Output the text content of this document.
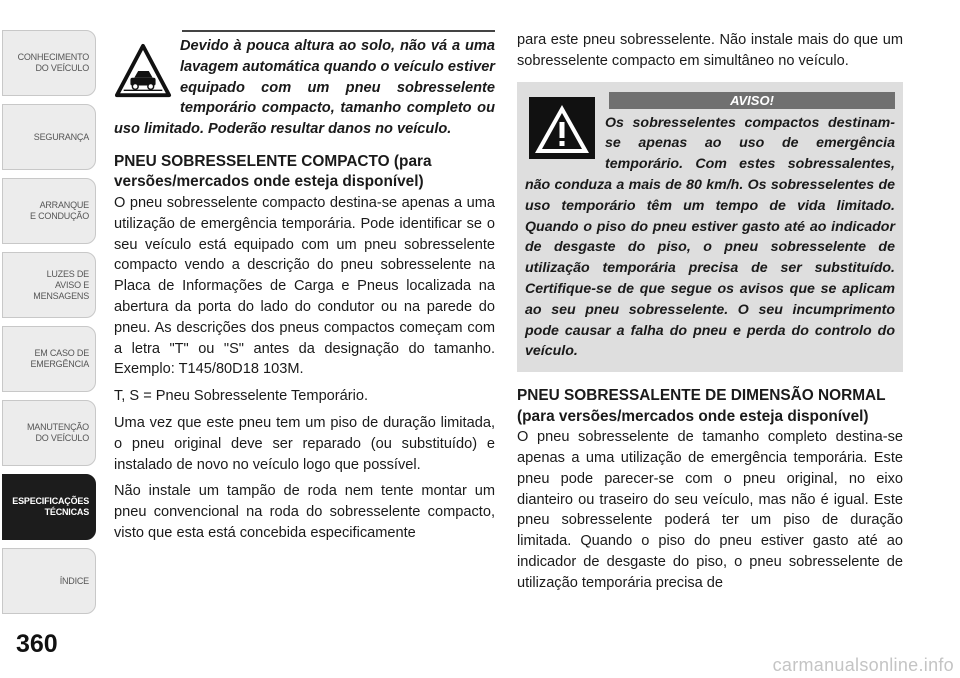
CONHECIMENTO
DO VEÍCULO
SEGURANÇA
ARRANQUE
E CONDUÇÃO
LUZES DE
AVISO E
MENSAGENS
EM CASO DE
EMERGÊNCIA
MANUTENÇÃO
DO VEÍCULO
ESPECIFICAÇÕES
TÉCNICAS
ÍNDICE
360
Devido à pouca altura ao solo, não vá a uma lavagem automática quando o veículo estiver equipado com um pneu sobresselente temporário compacto, tamanho completo ou uso limitado. Poderão resultar danos no veículo.
PNEU SOBRESSELENTE COMPACTO (para versões/mercados onde esteja disponível)

O pneu sobresselente compacto destina-se apenas a uma utilização de emergência temporária. Pode identificar se o seu veículo está equipado com um pneu sobresselente compacto vendo a descrição do pneu sobresselente na Placa de Informações de Carga e Pneus localizada na abertura da porta do lado do condutor ou na parede do pneu. As descrições dos pneus compactos começam com a letra "T" ou "S" antes da designação do tamanho. Exemplo: T145/80D18 103M.

T, S = Pneu Sobresselente Temporário.

Uma vez que este pneu tem um piso de duração limitada, o pneu original deve ser reparado (ou substituído) e instalado de novo no veículo logo que possível.

Não instale um tampão de roda nem tente montar um pneu convencional na roda do sobresselente compacto, visto que esta está concebida especificamente

para este pneu sobresselente. Não instale mais do que um sobresselente compacto em simultâneo no veículo.

AVISO!
Os sobresselentes compactos destinam-se apenas ao uso de emergência temporário. Com estes sobressalentes, não conduza a mais de 80 km/h. Os sobresselentes de uso temporário têm um tempo de vida limitado. Quando o piso do pneu estiver gasto até ao indicador de desgaste do piso, o pneu sobresselente de utilização temporária precisa de ser substituído. Certifique-se de que segue os avisos que se aplicam ao seu pneu sobresselente. O seu incumprimento pode causar a falha do pneu e perda do controlo do veículo.
PNEU SOBRESSALENTE DE DIMENSÃO NORMAL (para versões/mercados onde esteja disponível)

O pneu sobresselente de tamanho completo destina-se apenas a uma utilização de emergência temporária. Este pneu pode parecer-se com o pneu original, no eixo dianteiro ou traseiro do seu veículo, mas não é igual. Este pneu sobresselente poderá ter um piso de duração limitada. Quando o piso do pneu estiver gasto até ao indicador de desgaste do piso, o pneu sobresselente de utilização temporária precisa de

carmanualsonline.info
